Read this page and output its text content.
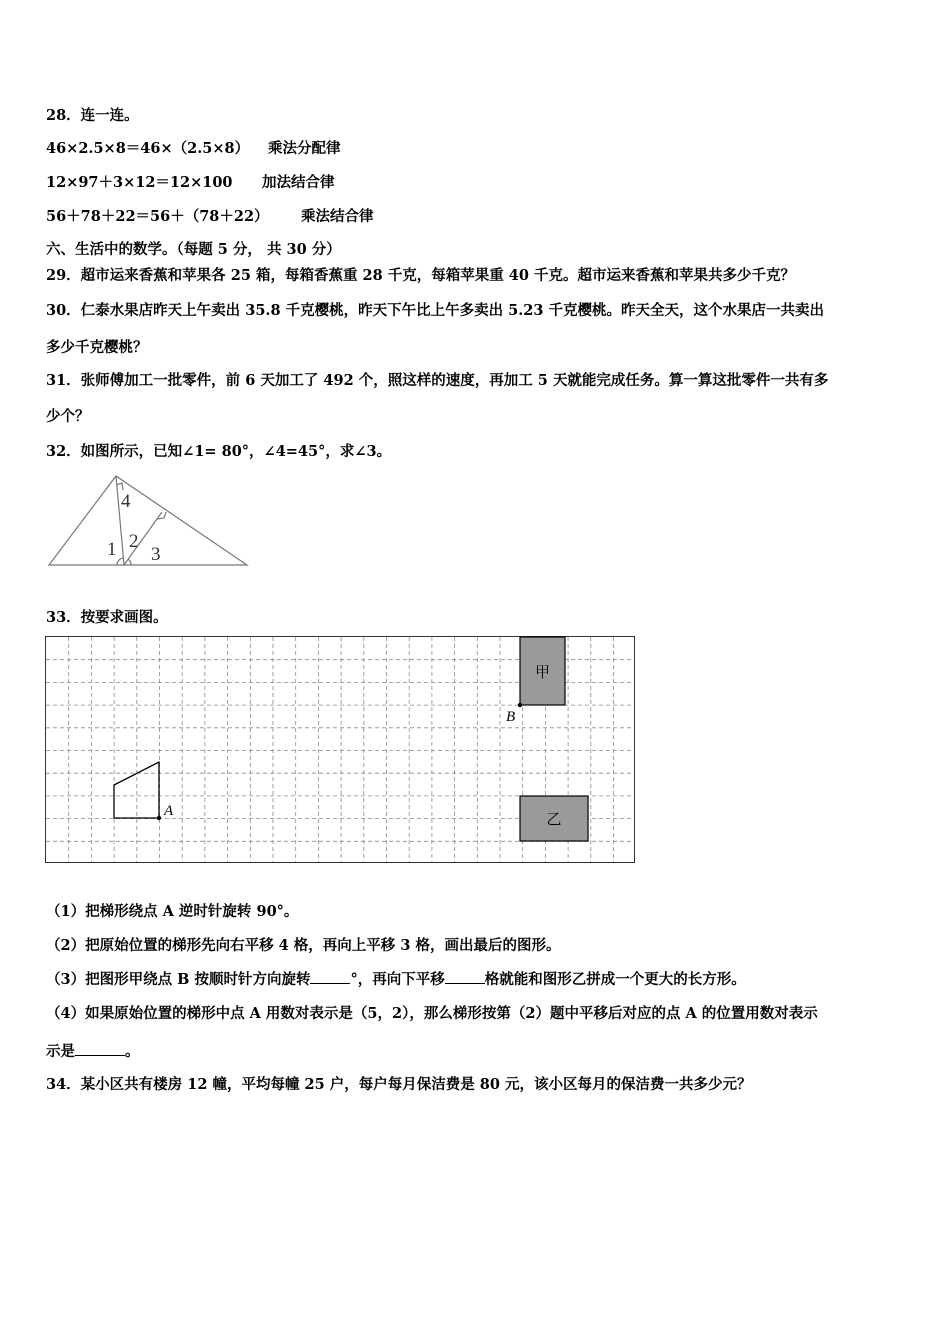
28．连一连。
46×2.5×8＝46×（2.5×8） 乘法分配律
12×97＋3×12＝12×100 加法结合律
56＋78＋22＝56＋（78＋22） 乘法结合律
六、生活中的数学。（每题 5 分， 共 30 分）
29．超市运来香蕉和苹果各 25 箱，每箱香蕉重 28 千克，每箱苹果重 40 千克。超市运来香蕉和苹果共多少千克？
30．仁泰水果店昨天上午卖出 35.8 千克樱桃，昨天下午比上午多卖出 5.23 千克樱桃。昨天全天，这个水果店一共卖出
多少千克樱桃？
31．张师傅加工一批零件，前 6 天加工了 492 个，照这样的速度，再加工 5 天就能完成任务。算一算这批零件一共有多
少个？
32．如图所示，已知∠1= 80°，∠4=45°，求∠3。
4
2
1 3
33．按要求画图。
A
甲
B
乙
（1）把梯形绕点 A 逆时针旋转 90°。
（2）把原始位置的梯形先向右平移 4 格，再向上平移 3 格，画出最后的图形。
（3）把图形甲绕点 B 按顺时针方向旋转	°，再向下平移	格就能和图形乙拼成一个更大的长方形。
（4）如果原始位置的梯形中点 A 用数对表示是（5，2），那么梯形按第（2）题中平移后对应的点 A 的位置用数对表示
示是	。
34．某小区共有楼房 12 幢，平均每幢 25 户，每户每月保洁费是 80 元，该小区每月的保洁费一共多少元？
